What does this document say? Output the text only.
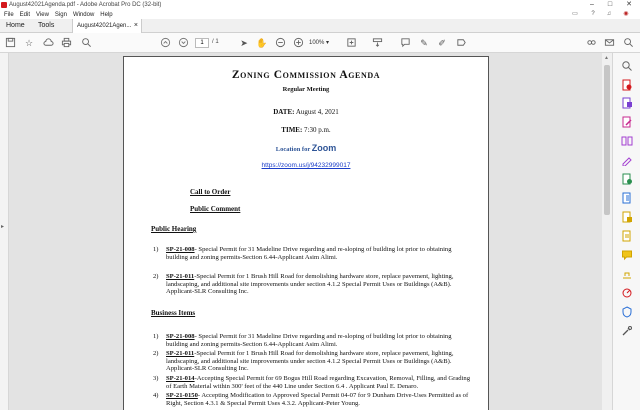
August42021Agenda.pdf - Adobe Acrobat Pro DC (32-bit)	–	□	✕
File Edit View Sign Window Help	▭	?	♫ ◉
Home	Tools	August42021Agen... ×
☆	1	/ 1 ➤ ✋	100% ▾	✎ ✐
▸
Zoning Commission Agenda
Regular Meeting
DATE: August 4, 2021
TIME: 7:30 p.m.
Location for Zoom
https://zoom.us/j/94232999017
Call to Order
Public Comment
Public Hearing
1) SP-21-008- Special Permit for 31 Madeline Drive regarding and re-sloping of building lot prior to obtaining building and zoning permits-Section 6.44-Applicant Asim Alimi.
2) SP-21-011-Special Permit for 1 Brush Hill Road for demolishing hardware store, replace pavement, lighting, landscaping, and additional site improvements under section 4.1.2 Special Permit Uses or Buildings (A&B). Applicant-SLR Consulting Inc.
Business Items
1) SP-21-008- Special Permit for 31 Madeline Drive regarding and re-sloping of building lot prior to obtaining building and zoning permits-Section 6.44-Applicant Asim Alimi.
2) SP-21-011-Special Permit for 1 Brush Hill Road for demolishing hardware store, replace pavement, lighting, landscaping, and additional site improvements under section 4.1.2 Special Permit Uses or Buildings (A&B). Applicant-SLR Consulting Inc.
3) SP-21-014-Accepting Special Permit for 69 Bogus Hill Road regarding Excavation, Removal, Filling, and Grading of Earth Material within 300' feet of the 440 Line under Section 6.4 . Applicant Paul E. Denaro.
4) SP-21-0150- Accepting Modification to Approved Special Permit 04-07 for 9 Dunham Drive-Uses Permitted as of Right, Section 4.3.1 & Special Permit Uses 4.3.2. Applicant-Peter Young.
▲
